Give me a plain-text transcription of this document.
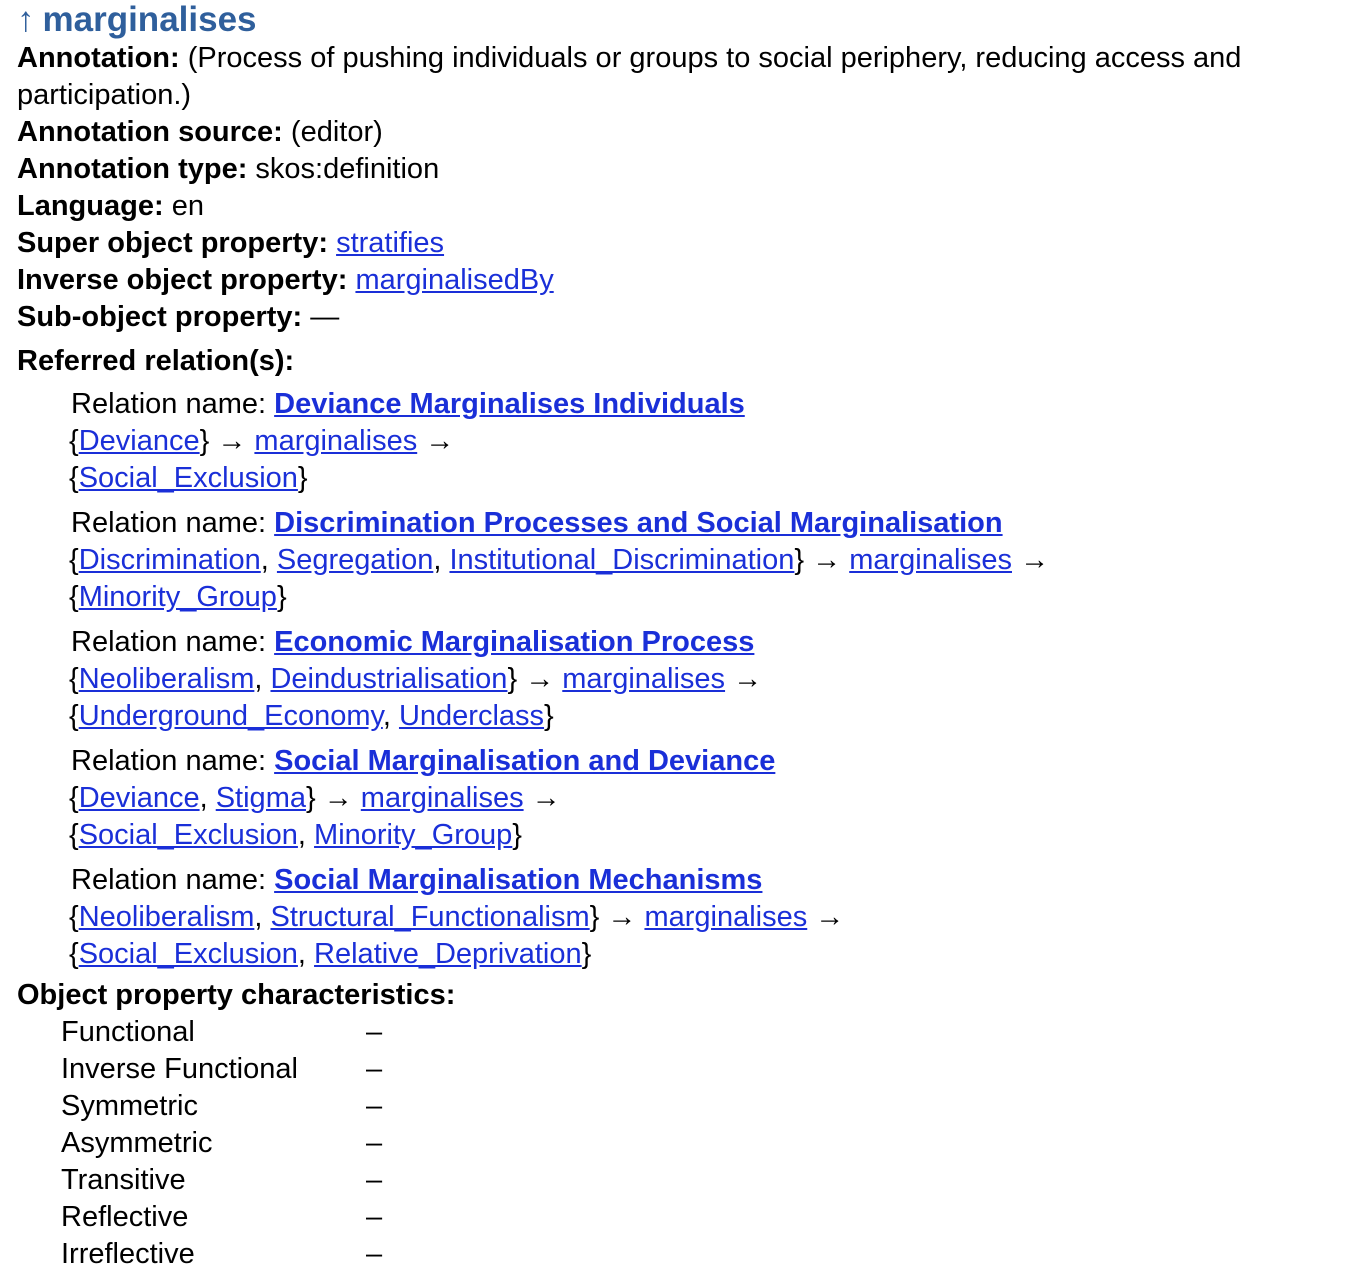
↑ marginalises
Annotation: (Process of pushing individuals or groups to social periphery, reducing access and participation.)
Annotation source: (editor)
Annotation type: skos:definition
Language: en
Super object property: stratifies
Inverse object property: marginalisedBy
Sub-object property: —
Referred relation(s):
Relation name: Deviance Marginalises Individuals
{Deviance} → marginalises →
{Social_Exclusion}
Relation name: Discrimination Processes and Social Marginalisation
{Discrimination, Segregation, Institutional_Discrimination} → marginalises →
{Minority_Group}
Relation name: Economic Marginalisation Process
{Neoliberalism, Deindustrialisation} → marginalises →
{Underground_Economy, Underclass}
Relation name: Social Marginalisation and Deviance
{Deviance, Stigma} → marginalises →
{Social_Exclusion, Minority_Group}
Relation name: Social Marginalisation Mechanisms
{Neoliberalism, Structural_Functionalism} → marginalises →
{Social_Exclusion, Relative_Deprivation}
Object property characteristics:
Functional	–
Inverse Functional	–
Symmetric	–
Asymmetric	–
Transitive	–
Reflective	–
Irreflective	–
